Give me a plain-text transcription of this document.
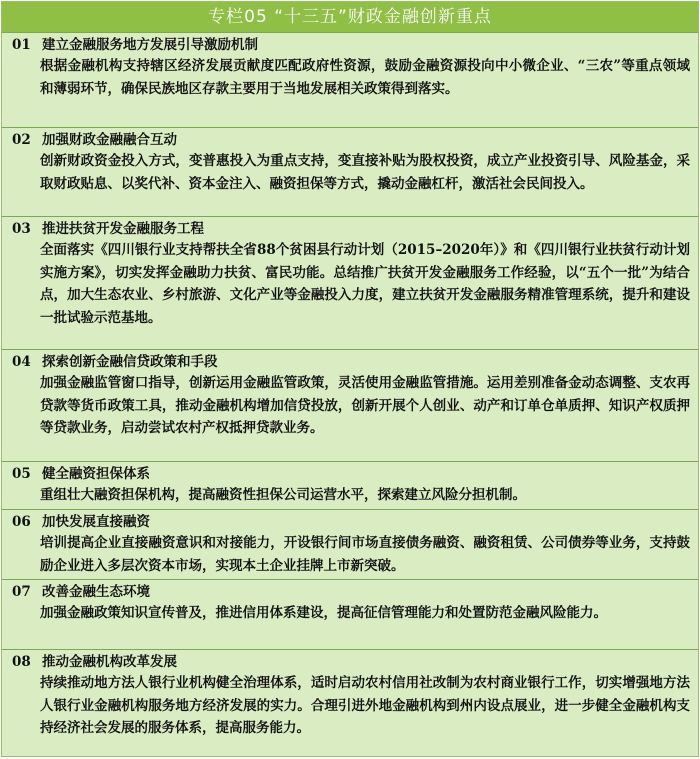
专栏05 “十三五”财政金融创新重点
01 建立金融服务地方发展引导激励机制
根据金融机构支持辖区经济发展贡献度匹配政府性资源，鼓励金融资源投向中小微企业、“三农”等重点领域和薄弱环节，确保民族地区存款主要用于当地发展相关政策得到落实。
02 加强财政金融融合互动
创新财政资金投入方式，变普惠投入为重点支持，变直接补贴为股权投资，成立产业投资引导、风险基金，采取财政贴息、以奖代补、资本金注入、融资担保等方式，撬动金融杠杆，激活社会民间投入。
03 推进扶贫开发金融服务工程
全面落实《四川银行业支持帮扶全省88个贫困县行动计划（2015–2020年）》和《四川银行业扶贫行动计划实施方案》，切实发挥金融助力扶贫、富民功能。总结推广扶贫开发金融服务工作经验，以“五个一批”为结合点，加大生态农业、乡村旅游、文化产业等金融投入力度，建立扶贫开发金融服务精准管理系统，提升和建设一批试验示范基地。
04 探索创新金融信贷政策和手段
加强金融监管窗口指导，创新运用金融监管政策，灵活使用金融监管措施。运用差别准备金动态调整、支农再贷款等货币政策工具，推动金融机构增加信贷投放，创新开展个人创业、动产和订单仓单质押、知识产权质押等贷款业务，启动尝试农村产权抵押贷款业务。
05 健全融资担保体系
重组壮大融资担保机构，提高融资性担保公司运营水平，探索建立风险分担机制。
06 加快发展直接融资
培训提高企业直接融资意识和对接能力，开设银行间市场直接债务融资、融资租赁、公司债券等业务，支持鼓励企业进入多层次资本市场，实现本土企业挂牌上市新突破。
07 改善金融生态环境
加强金融政策知识宣传普及，推进信用体系建设，提高征信管理能力和处置防范金融风险能力。
08 推动金融机构改革发展
持续推动地方法人银行业机构健全治理体系，适时启动农村信用社改制为农村商业银行工作，切实增强地方法人银行业金融机构服务地方经济发展的实力。合理引进外地金融机构到州内设点展业，进一步健全金融机构支持经济社会发展的服务体系，提高服务能力。
